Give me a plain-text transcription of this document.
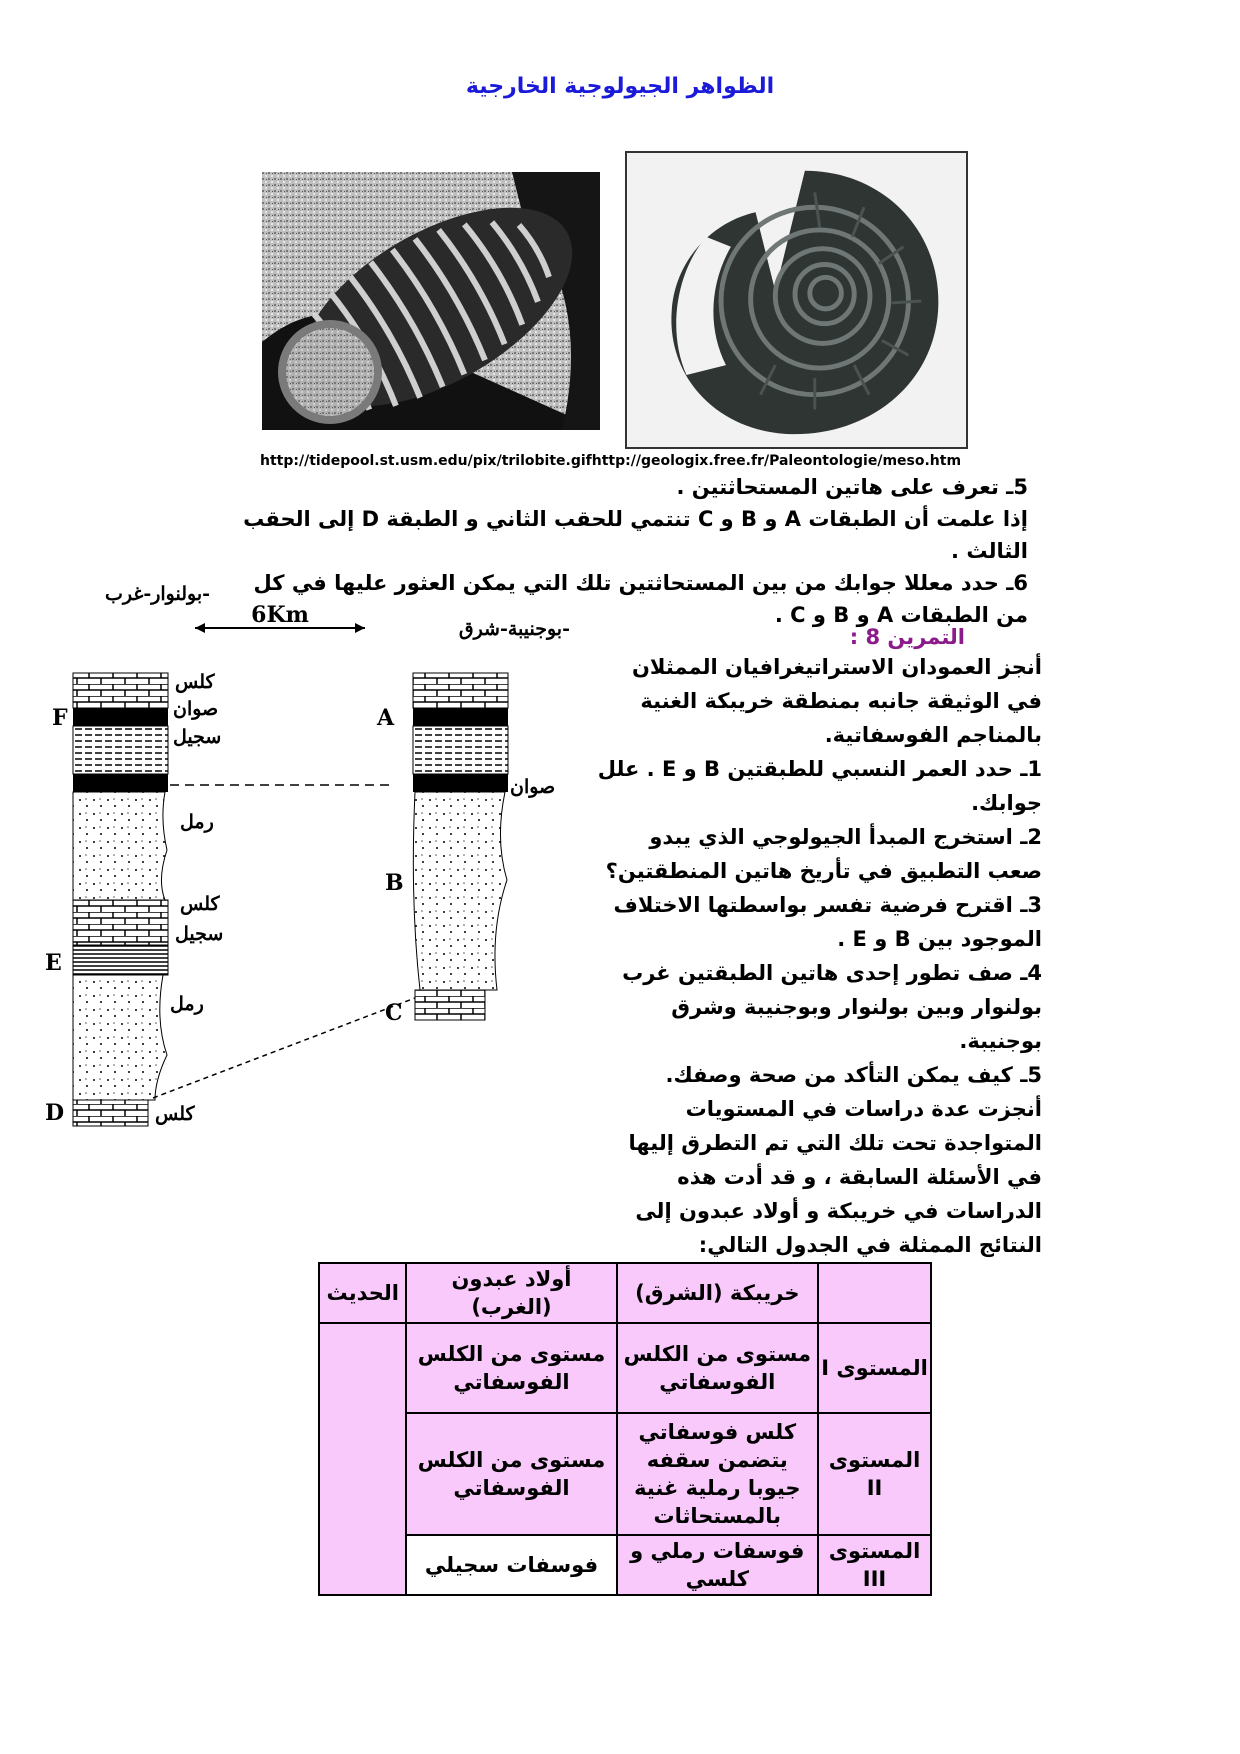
الظواهر الجيولوجية الخارجية
http://tidepool.st.usm.edu/pix/trilobite.gifhttp://geologix.free.fr/Paleontologie/meso.htm
5ـ تعرف على هاتين المستحاثتين .
إذا علمت أن الطبقات A و B و C تنتمي للحقب الثاني و الطبقة D إلى الحقب الثالث .
6ـ حدد معللا جوابك من بين المستحاثتين تلك التي يمكن العثور عليها في كل من الطبقات A و B و C .
التمرين 8 :
أنجز العمودان الاستراتيغرافيان الممثلان في الوثيقة جانبه بمنطقة خريبكة الغنية بالمناجم الفوسفاتية.
1ـ حدد العمر النسبي للطبقتين B و E . علل جوابك.
2ـ استخرج المبدأ الجيولوجي الذي يبدو صعب التطبيق في تأريخ هاتين المنطقتين؟
3ـ اقترح فرضية تفسر بواسطتها الاختلاف الموجود بين B و E .
4ـ صف تطور إحدى هاتين الطبقتين غرب بولنوار وبين بولنوار وبوجنيبة وشرق بوجنيبة.
5ـ كيف يمكن التأكد من صحة وصفك.
أنجزت عدة دراسات في المستويات المتواجدة تحت تلك التي تم التطرق إليها في الأسئلة السابقة ، و قد أدت هذه الدراسات في خريبكة و أولاد عبدون إلى النتائج الممثلة في الجدول التالي:
بولنوار-غرب-
6Km
بوجنيبة-شرق-
F
E
D
كلس
صوان
سجيل
رمل
كلس
سجيل
رمل
كلس
A
B
C
صوان
	خريبكة (الشرق)	أولاد عبدون (الغرب)	الحديث
المستوى I	مستوى من الكلس الفوسفاتي	مستوى من الكلس الفوسفاتي	
المستوى II	كلس فوسفاتي يتضمن سقفه جيوبا رملية غنية بالمستحاثات	مستوى من الكلس الفوسفاتي	
المستوى III	فوسفات رملي و كلسي	فوسفات سجيلي	
